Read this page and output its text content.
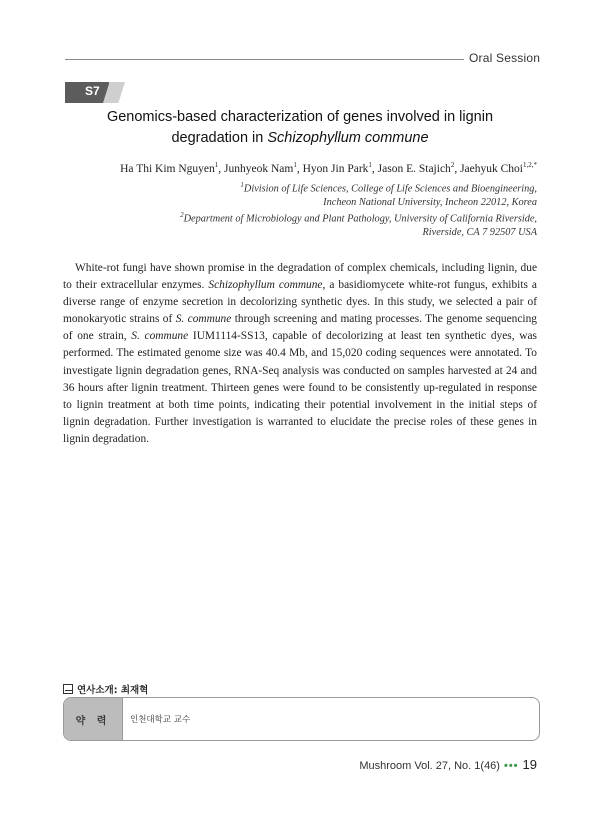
Oral Session
S7
Genomics-based characterization of genes involved in lignin
degradation in Schizophyllum commune
Ha Thi Kim Nguyen$^1$, Junhyeok Nam$^1$, Hyon Jin Park$^1$, Jason E. Stajich$^2$, Jaehyuk Choi$^{1,2,*}$
$^1$Division of Life Sciences, College of Life Sciences and Bioengineering,
Incheon National University, Incheon 22012, Korea
$^2$Department of Microbiology and Plant Pathology, University of California Riverside,
Riverside, CA 7 92507 USA
White-rot fungi have shown promise in the degradation of complex chemicals, including lignin, due to their extracellular enzymes. Schizophyllum commune, a basidiomycete white-rot fungus, exhibits a diverse range of enzyme secretion in decolorizing synthetic dyes. In this study, we selected a pair of monokaryotic strains of S. commune through screening and mating processes. The genome sequencing of one strain, S. commune IUM1114-SS13, capable of decolorizing at least ten synthetic dyes, was performed. The estimated genome size was 40.4 Mb, and 15,020 coding sequences were annotated. To investigate lignin degradation genes, RNA-Seq analysis was conducted on samples harvested at 24 and 36 hours after lignin treatment. Thirteen genes were found to be consistently up-regulated in response to lignin treatment at both time points, indicating their potential involvement in the initial steps of lignin degradation. Further investigation is warranted to elucidate the precise roles of these genes in lignin degradation.
연사소개: 최재혁
약 력	인천대학교 교수
Mushroom Vol. 27, No. 1(46) ••• 19
